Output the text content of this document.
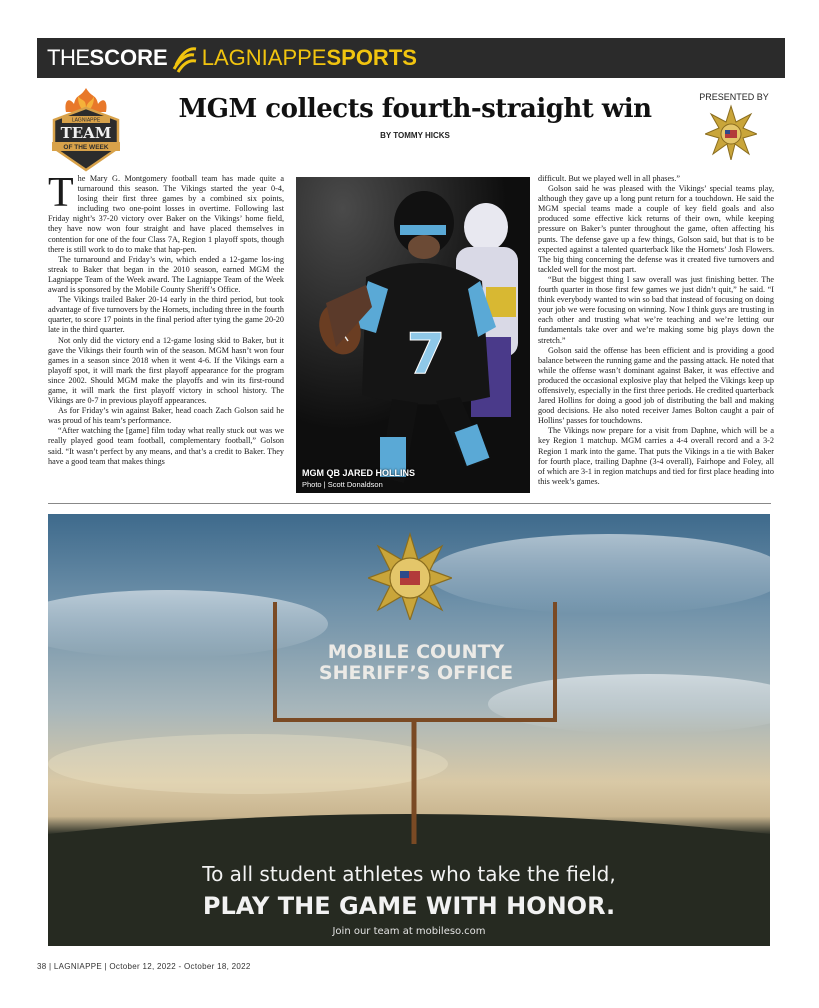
THE SCORE LAGNIAPPE SPORTS
LAGNIAPPE
TEAM
OF THE WEEK
MGM collects fourth-straight win
BY TOMMY HICKS
PRESENTED BY

The Mary G. Montgomery football team has made quite a turnaround this season. The Vikings started the year 0-4, losing their first three games by a combined six points, including two one-point losses in overtime. Following last Friday night’s 37-20 victory over Baker on the Vikings’ home field, they have now won four straight and have placed themselves in contention for one of the four Class 7A, Region 1 playoff spots, though there is still work to do to make that hap-pen.

The turnaround and Friday’s win, which ended a 12-game los-ing streak to Baker that began in the 2010 season, earned MGM the Lagniappe Team of the Week award. The Lagniappe Team of the Week award is sponsored by the Mobile County Sheriff’s Office.

The Vikings trailed Baker 20-14 early in the third period, but took advantage of five turnovers by the Hornets, including three in the fourth quarter, to score 17 points in the final period after tying the game 20-20 late in the third quarter.

Not only did the victory end a 12-game losing skid to Baker, but it gave the Vikings their fourth win of the season. MGM hasn’t won four games in a season since 2018 when it went 4-6. If the Vikings earn a playoff spot, it will mark the first playoff appearance for the program since 2002. Should MGM make the playoffs and win its first-round game, it will mark the first playoff victory in school history. The Vikings are 0-7 in previous playoff appearances.

As for Friday’s win against Baker, head coach Zach Golson said he was proud of his team’s performance.

“After watching the [game] film today what really stuck out was we really played good team football, complementary football,” Golson said. “It wasn’t perfect by any means, and that’s a credit to Baker. They have a good team that makes things

7
MGM QB JARED HOLLINS
Photo | Scott Donaldson

difficult. But we played well in all phases.”

Golson said he was pleased with the Vikings’ special teams play, although they gave up a long punt return for a touchdown. He said the MGM special teams made a couple of key field goals and also produced some effective kick returns of their own, while keeping pressure on Baker’s punter throughout the game, often affecting his punts. The defense gave up a few things, Golson said, but that is to be expected against a talented quarterback like the Hornets’ Josh Flowers. The big thing concerning the defense was it created five turnovers and tackled well for the most part.

“But the biggest thing I saw overall was just finishing better. The fourth quarter in those first few games we just didn’t quit,” he said. “I think everybody wanted to win so bad that instead of focusing on doing your job we were focusing on winning. Now I think guys are trusting in each other and trusting what we’re teaching and we’re letting our fundamentals take over and we’re making some big plays down the stretch.”

Golson said the offense has been efficient and is providing a good balance between the running game and the passing attack. He noted that while the offense wasn’t dominant against Baker, it was effective and produced the occasional explosive play that helped the Vikings keep up offensively, especially in the first three periods. He credited quarterback Jared Hollins for doing a good job of distributing the ball and making good decisions. He also noted receiver James Bolton caught a pair of Hollins’ passes for touchdowns.

The Vikings now prepare for a visit from Daphne, which will be a key Region 1 matchup. MGM carries a 4-4 overall record and a 3-2 Region 1 mark into the game. That puts the Vikings in a tie with Baker for fourth place, trailing Daphne (3-4 overall), Fairhope and Foley, all of which are 3-1 in region matchups and tied for first place heading into this week’s games.

MOBILE COUNTY
SHERIFF’S OFFICE
To all student athletes who take the field,
PLAY THE GAME WITH HONOR.
Join our team at mobileso.com
38 | LAGNIAPPE | October 12, 2022 - October 18, 2022
